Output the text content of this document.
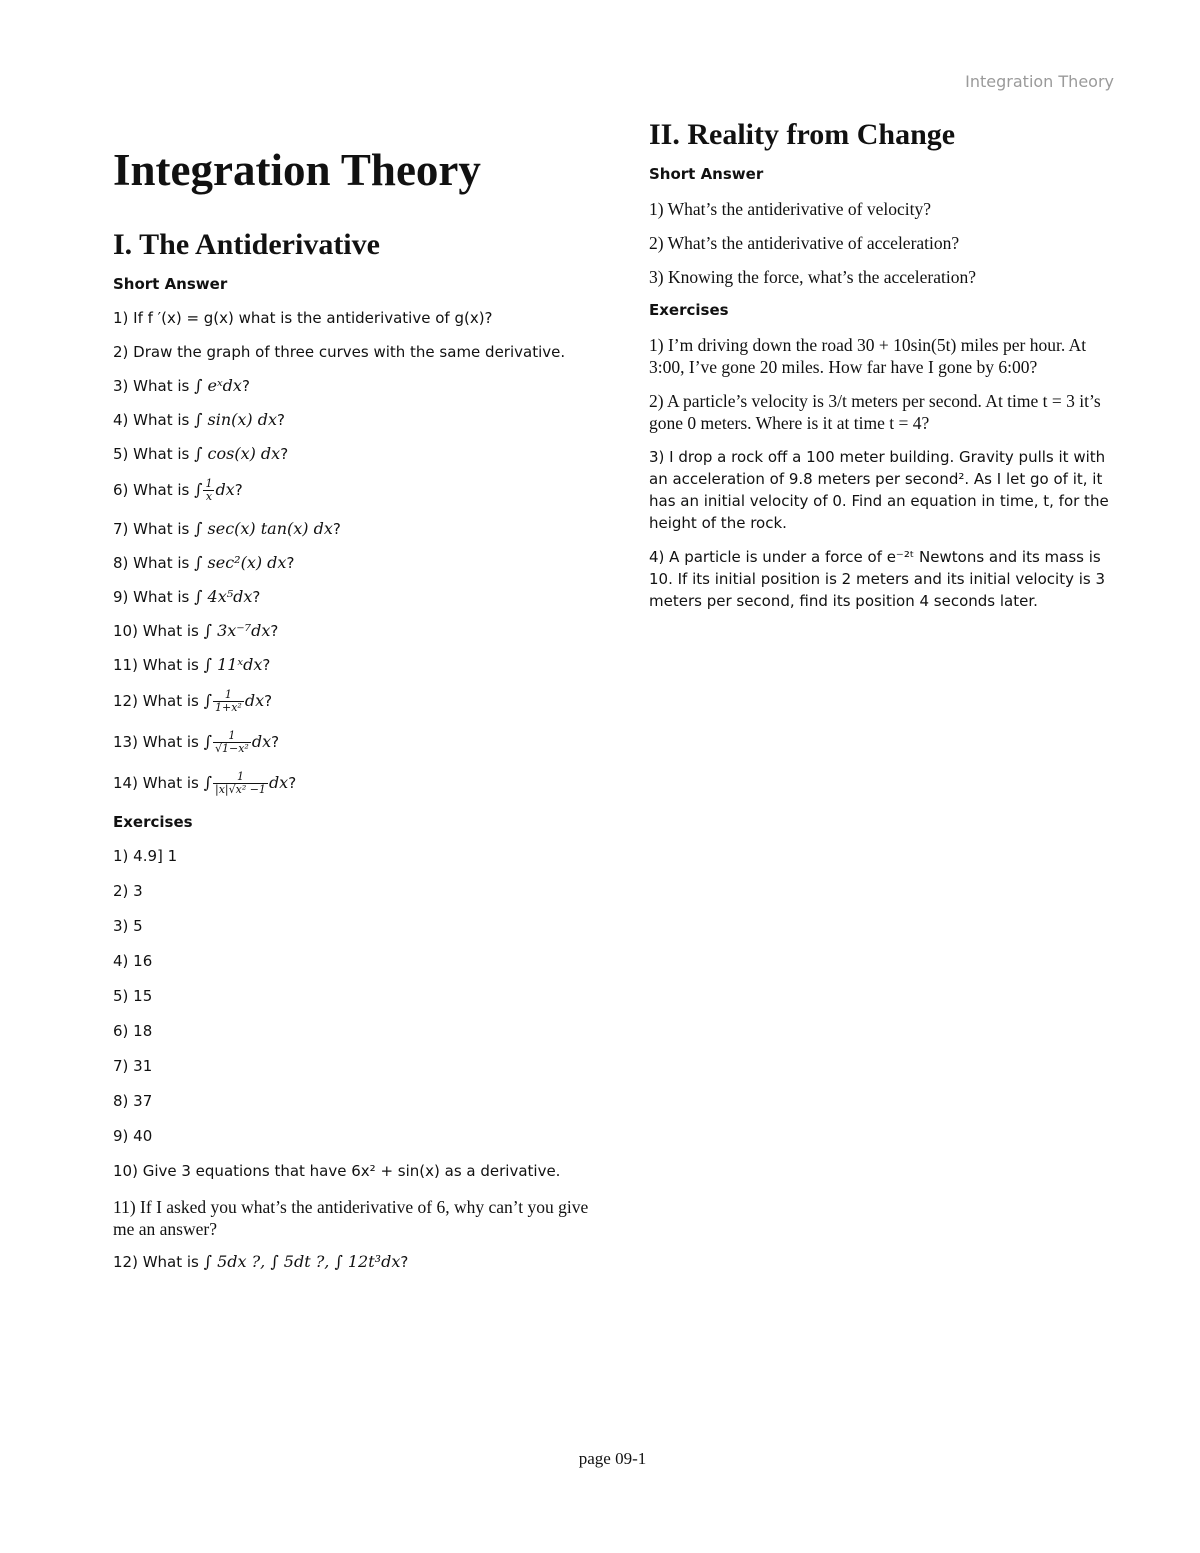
Integration Theory
Integration Theory
I. The Antiderivative
Short Answer
1) If f ′(x) = g(x) what is the antiderivative of g(x)?
2) Draw the graph of three curves with the same derivative.
3) What is ∫ eˣdx?
4) What is ∫ sin(x) dx?
5) What is ∫ cos(x) dx?
6) What is ∫ $\frac{1}{x}$ dx?
7) What is ∫ sec(x) tan(x) dx?
8) What is ∫ sec²(x) dx?
9) What is ∫ 4x⁵dx?
10) What is ∫ 3x⁻⁷dx?
11) What is ∫ 11ˣdx?
12) What is ∫ $\frac{1}{\text{1+x²}}$ dx?
13) What is ∫ $\frac{1}{\text{√1−x²}}$ dx?
14) What is ∫ $\frac{1}{\text{|x|√x² −1}}$ dx?
Exercises
1) 4.9] 1
2) 3
3) 5
4) 16
5) 15
6) 18
7) 31
8) 37
9) 40
10) Give 3 equations that have 6x² + sin(x) as a derivative.
11) If I asked you what’s the antiderivative of 6, why can’t you give me an answer?
12) What is ∫ 5dx ?, ∫ 5dt ?, ∫ 12t³dx?
II. Reality from Change
Short Answer
1) What’s the antiderivative of velocity?
2) What’s the antiderivative of acceleration?
3) Knowing the force, what’s the acceleration?
Exercises
1) I’m driving down the road 30 + 10sin(5t) miles per hour. At 3:00, I’ve gone 20 miles. How far have I gone by 6:00?
2) A particle’s velocity is 3/t meters per second. At time t = 3 it’s gone 0 meters. Where is it at time t = 4?
3) I drop a rock off a 100 meter building. Gravity pulls it with an acceleration of 9.8 meters per second². As I let go of it, it has an initial velocity of 0. Find an equation in time, t, for the height of the rock.
4) A particle is under a force of e⁻²ᵗ Newtons and its mass is 10. If its initial position is 2 meters and its initial velocity is 3 meters per second, find its position 4 seconds later.
page 09-1
